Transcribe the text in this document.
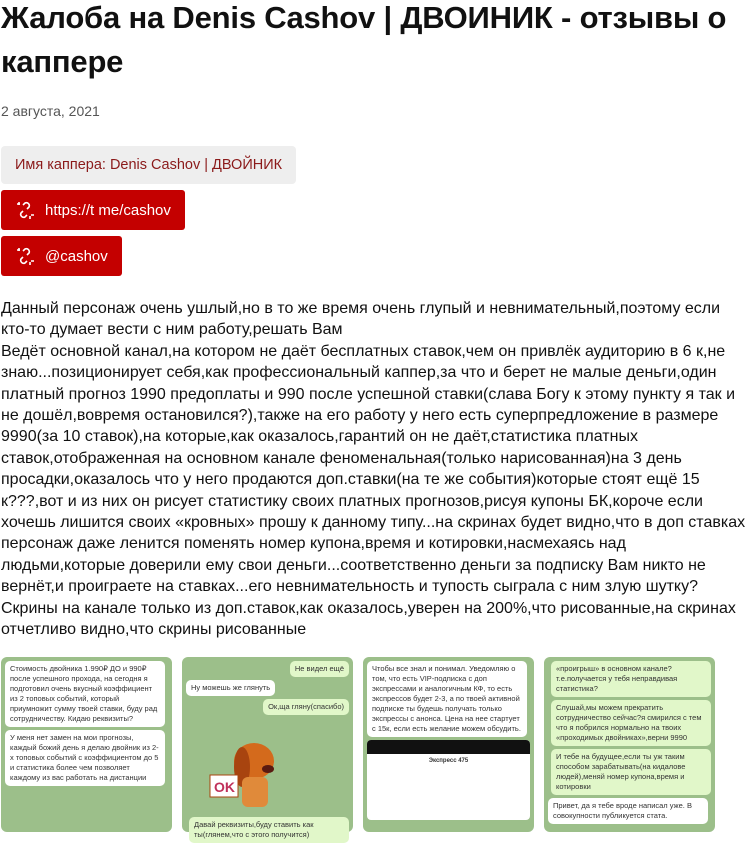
Жалоба на Denis Cashov | ДВОИНИК - отзывы о каппере
2 августа, 2021
Имя каппера: Denis Cashov | ДВОЙНИК
https://t me/cashov
@cashov

Данный персонаж очень ушлый,но в то же время очень глупый и невнимательный,поэтому если кто-то думает вести с ним работу,решать Вам

Ведёт основной канал,на котором не даёт бесплатных ставок,чем он привлёк аудиторию в 6 к,не знаю...позиционирует себя,как профессиональный каппер,за что и берет не малые деньги,один платный прогноз 1990 предоплаты и 990 после успешной ставки(слава Богу к этому пункту я так и не дошёл,вовремя остановился?),также на его работу у него есть суперпредложение в размере 9990(за 10 ставок),на которые,как оказалось,гарантий он не даёт,статистика платных ставок,отображенная на основном канале феноменальная(только нарисованная)на 3 день просадки,оказалось что у него продаются доп.ставки(на те же события)которые стоят ещё 15 к???,вот и из них он рисует статистику своих платных прогнозов,рисуя купоны БК,короче если хочешь лишится своих «кровных» прошу к данному типу...на скринах будет видно,что в доп ставках персонаж даже ленится поменять номер купона,время и котировки,насмехаясь над людьми,которые доверили ему свои деньги...соответственно деньги за подписку Вам никто не вернёт,и проиграете на ставках...его невнимательность и тупость сыграла с ним злую шутку? Скрины на канале только из доп.ставок,как оказалось,уверен на 200%,что рисованные,на скринах отчетливо видно,что скрины рисованные

Стоимость двойника 1.990₽ ДО и 990₽ после успешного прохода, на сегодня я подготовил очень вкусный коэффициент из 2 топовых событий, который приумножит сумму твоей ставки, буду рад сотрудничеству. Кидаю реквизиты?
У меня нет замен на мои прогнозы, каждый божий день я делаю двойник из 2-х топовых событий с коэффициентом до 5 и статистика более чем позволяет каждому из вас работать на дистанции
Не видел ещё
Ну можешь же глянуть
Ок,ща гляну(спасибо)
OK
Давай реквизиты,буду ставить как ты(глянем,что с этого получится)
Чтобы все знал и понимал. Уведомляю о том, что есть VIP-подписка с доп экспрессами и аналогичным КФ, то есть экспрессов будет 2-3, а по твоей активной подписке ты будешь получать только экспрессы с анонса. Цена на нее стартует с 15к, если есть желание можем обсудить.
Экспресс 475
«проигрыш» в основном канале? т.е.получается у тебя неправдивая статистика?
Слушай,мы можем прекратить сотрудничество сейчас?я смирился с тем что я побрился нормально на твоих «проходимых двойниках»,верни 9990
И тебе на будущее,если ты уж таким способом зарабатывать(на кидалове людей),меняй номер купона,время и котировки
Привет, да я тебе вроде написал уже. В совокупности публикуется стата.
